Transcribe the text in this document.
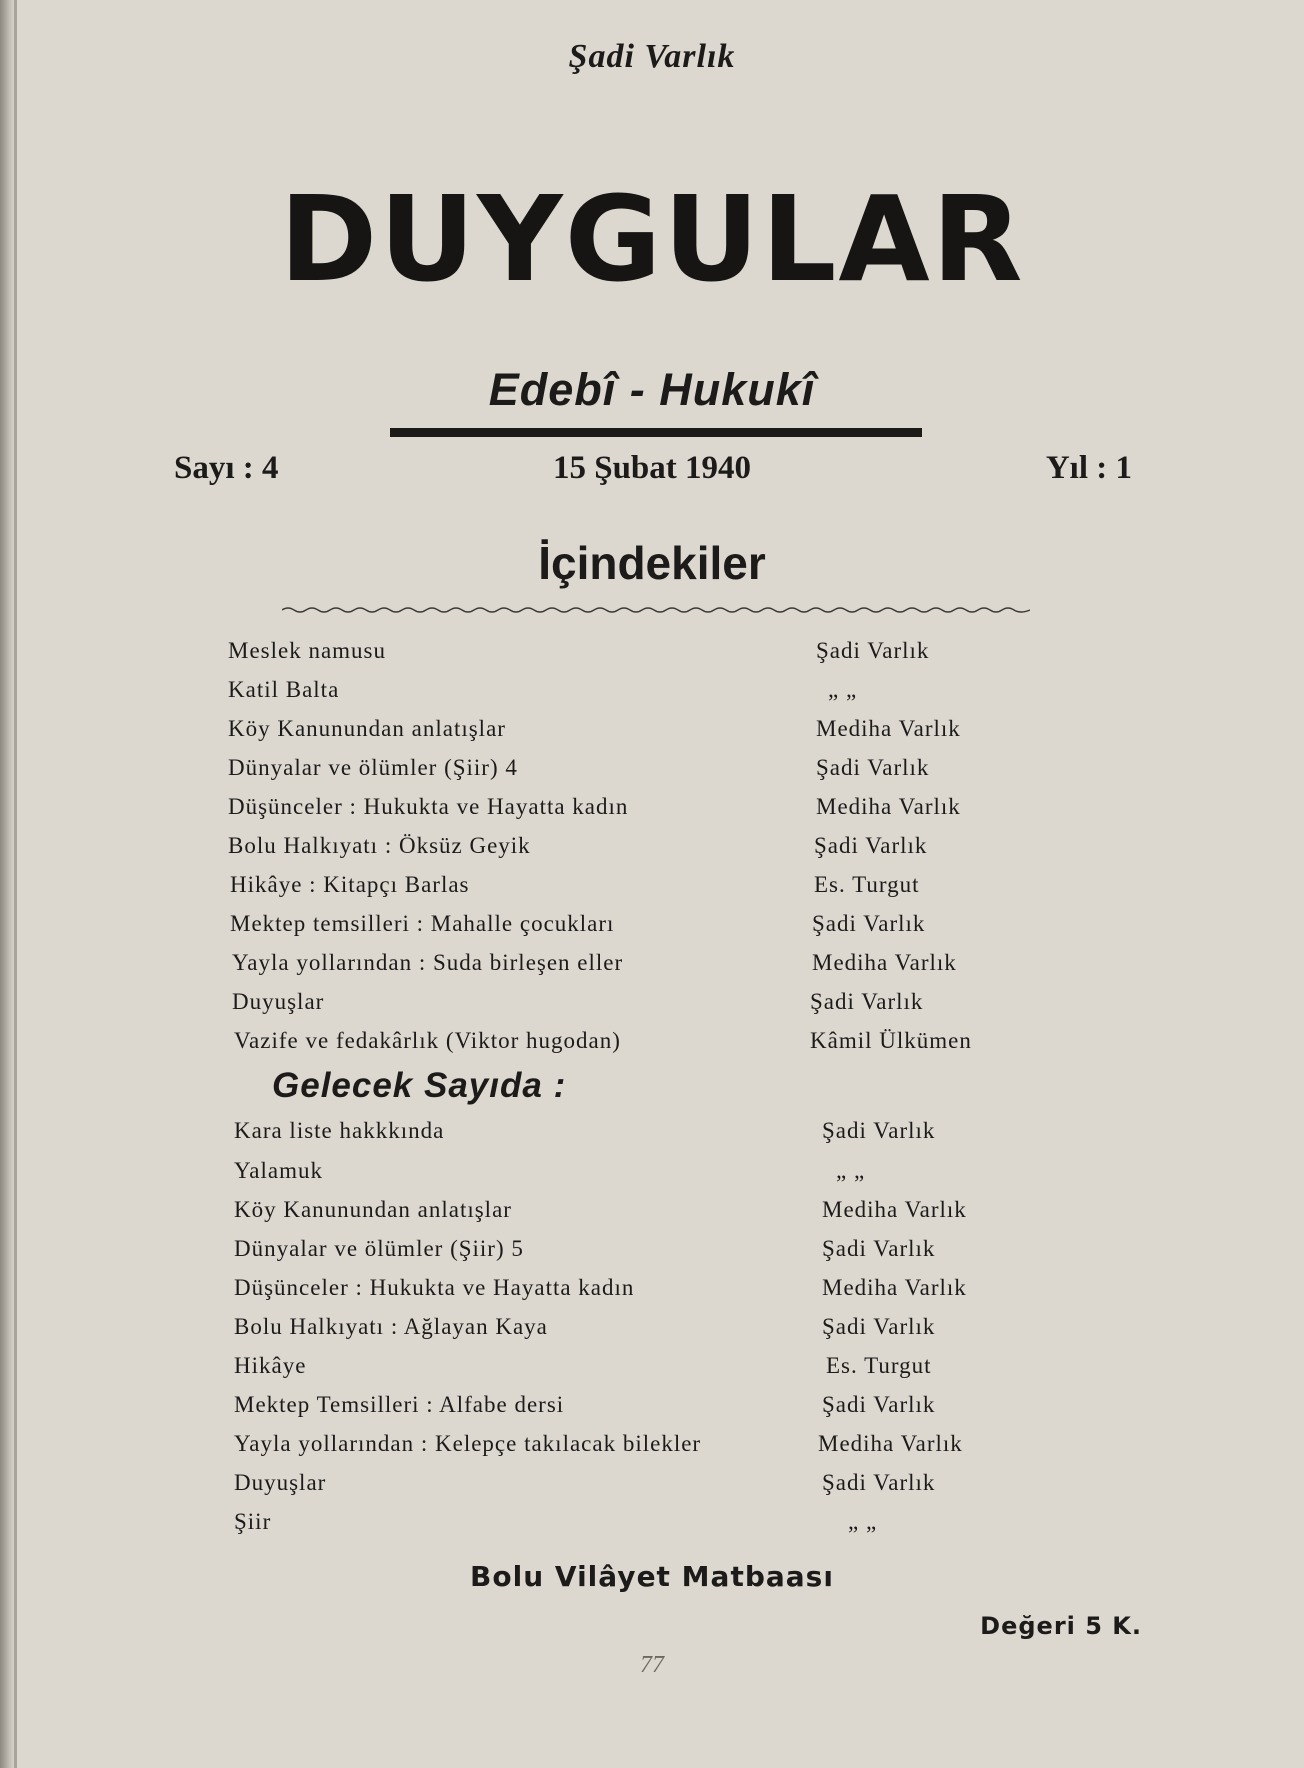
Şadi Varlık
DUYGULAR
Edebî - Hukukî
Sayı : 4	15 Şubat 1940	Yıl : 1
İçindekiler
Meslek namusu	Şadi Varlık
Katil Balta	„ „
Köy Kanunundan anlatışlar	Mediha Varlık
Dünyalar ve ölümler (Şiir) 4	Şadi Varlık
Düşünceler : Hukukta ve Hayatta kadın	Mediha Varlık
Bolu Halkıyatı : Öksüz Geyik	Şadi Varlık
Hikâye : Kitapçı Barlas	Es. Turgut
Mektep temsilleri : Mahalle çocukları	Şadi Varlık
Yayla yollarından : Suda birleşen eller	Mediha Varlık
Duyuşlar	Şadi Varlık
Vazife ve fedakârlık (Viktor hugodan)	Kâmil Ülkümen
Gelecek Sayıda :
Kara liste hakkkında	Şadi Varlık
Yalamuk	„ „
Köy Kanunundan anlatışlar	Mediha Varlık
Dünyalar ve ölümler (Şiir) 5	Şadi Varlık
Düşünceler : Hukukta ve Hayatta kadın	Mediha Varlık
Bolu Halkıyatı : Ağlayan Kaya	Şadi Varlık
Hikâye	Es. Turgut
Mektep Temsilleri : Alfabe dersi	Şadi Varlık
Yayla yollarından : Kelepçe takılacak bilekler	Mediha Varlık
Duyuşlar	Şadi Varlık
Şiir	„ „
Bolu Vilâyet Matbaası
Değeri 5 K.
77
